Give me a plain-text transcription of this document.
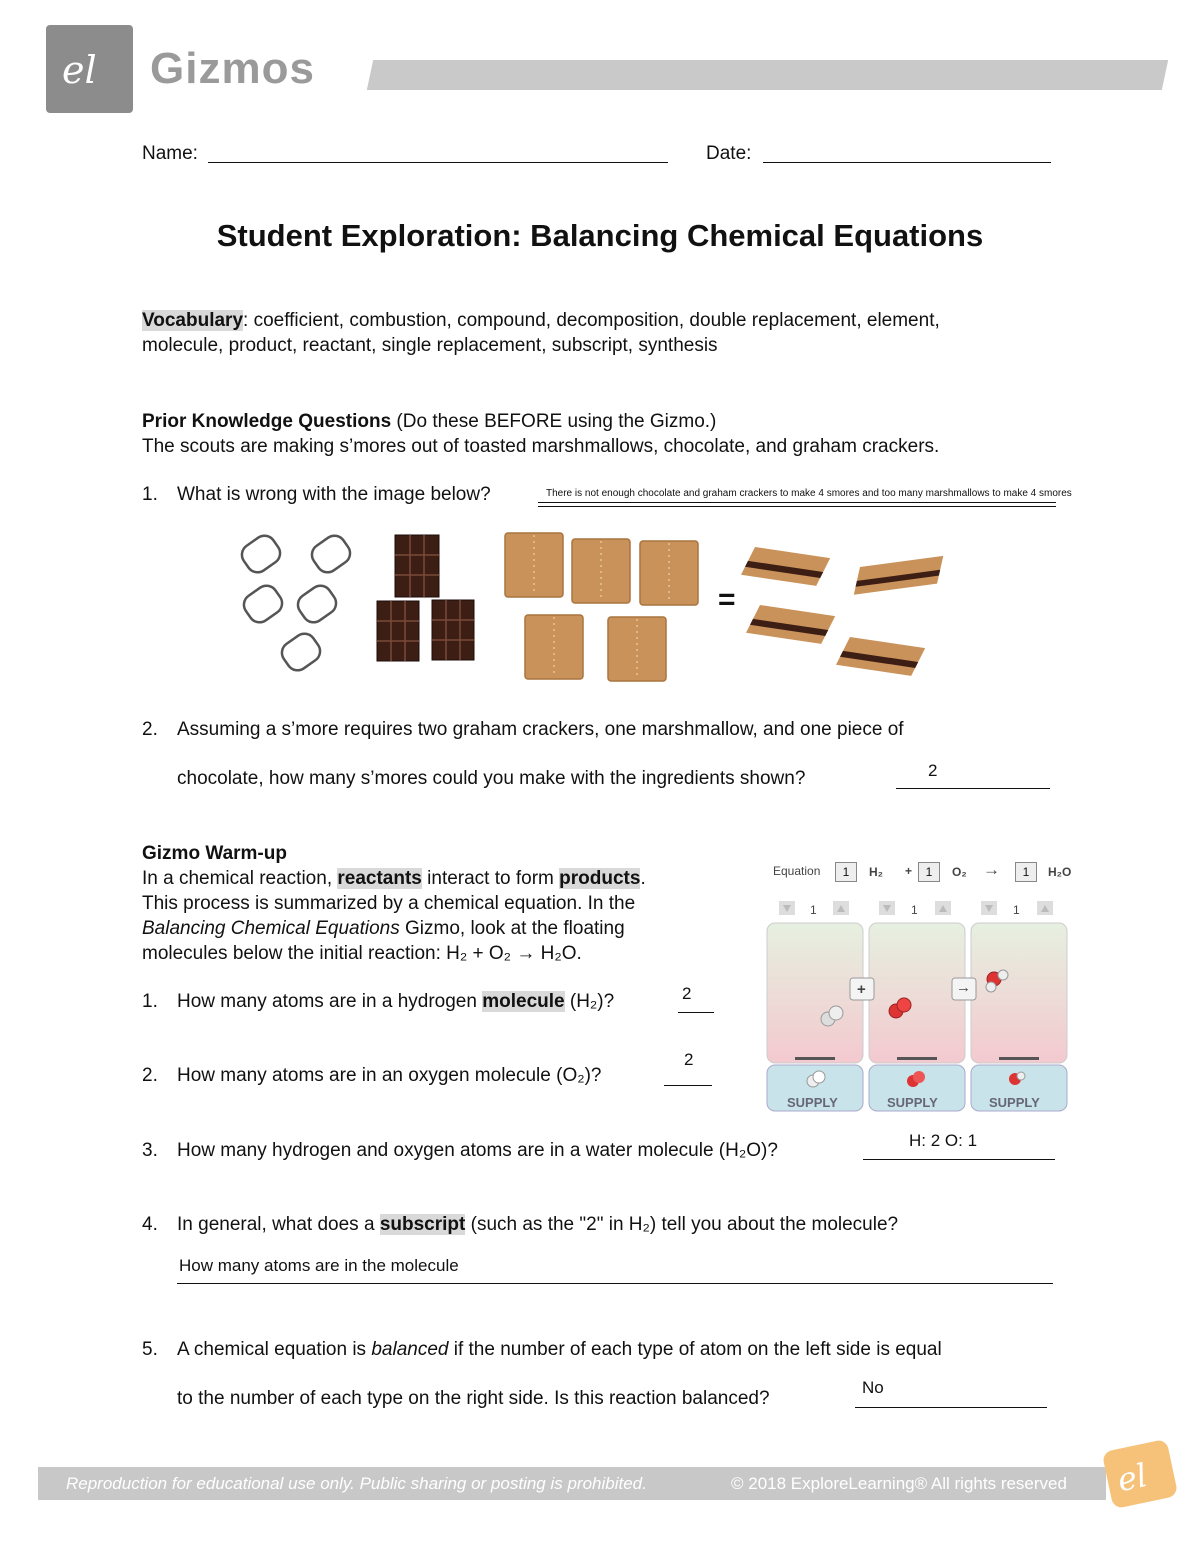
el Gizmos
Name:	Date:
Student Exploration: Balancing Chemical Equations
Vocabulary: coefficient, combustion, compound, decomposition, double replacement, element,
molecule, product, reactant, single replacement, subscript, synthesis
Prior Knowledge Questions (Do these BEFORE using the Gizmo.)
The scouts are making s’mores out of toasted marshmallows, chocolate, and graham crackers.
1. What is wrong with the image below?	There is not enough chocolate and graham crackers to make 4 smores and too many marshmallows to make 4 smores
=
2. Assuming a s’more requires two graham crackers, one marshmallow, and one piece of
chocolate, how many s’mores could you make with the ingredients shown?	2
Gizmo Warm-up
In a chemical reaction, reactants interact to form products.
This process is summarized by a chemical equation. In the
Balancing Chemical Equations Gizmo, look at the floating
molecules below the initial reaction: H₂ + O₂ → H₂O.
1. How many atoms are in a hydrogen molecule (H₂)?	2
2. How many atoms are in an oxygen molecule (O₂)?
2
Equation	1	H₂ +	1	O₂ →	1	H₂O
1	1	1
+	→
SUPPLY	SUPPLY	SUPPLY
3. How many hydrogen and oxygen atoms are in a water molecule (H₂O)?	H: 2 O: 1
4. In general, what does a subscript (such as the "2" in H₂) tell you about the molecule?
How many atoms are in the molecule
5. A chemical equation is balanced if the number of each type of atom on the left side is equal
to the number of each type on the right side. Is this reaction balanced?
No
Reproduction for educational use only. Public sharing or posting is prohibited.	© 2018 ExploreLearning® All rights reserved el
